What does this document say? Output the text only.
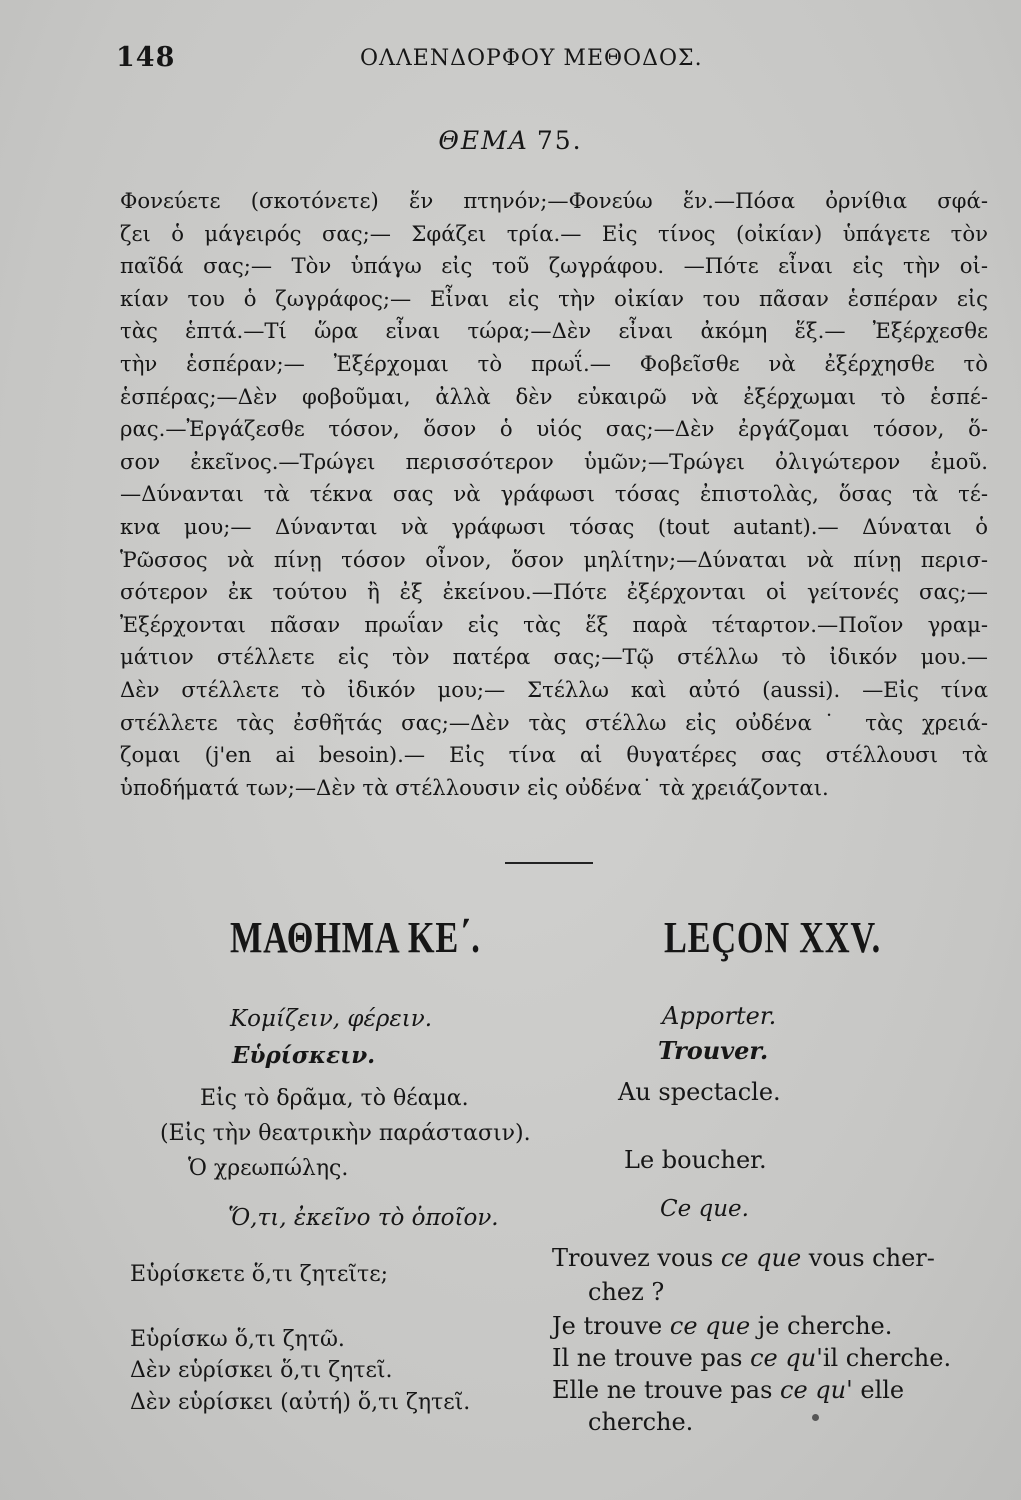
148	ΟΛΛΕΝΔΟΡΦΟΥ ΜΕΘΟΔΟΣ.
ΘΕΜΑ 75.

Φονεύετε (σκοτόνετε) ἕν πτηνόν;—Φονεύω ἕν.—Πόσα ὀρνίθια σφά-
ζει ὁ μάγειρός σας;— Σφάζει τρία.— Εἰς τίνος (οἰκίαν) ὑπάγετε τὸν
παῖδά σας;— Τὸν ὑπάγω εἰς τοῦ ζωγράφου. —Πότε εἶναι εἰς τὴν οἰ-
κίαν του ὁ ζωγράφος;— Εἶναι εἰς τὴν οἰκίαν του πᾶσαν ἑσπέραν εἰς
τὰς ἑπτά.—Τί ὥρα εἶναι τώρα;—Δὲν εἶναι ἀκόμη ἕξ.— Ἐξέρχεσθε
τὴν ἑσπέραν;— Ἐξέρχομαι τὸ πρωΐ.— Φοβεῖσθε νὰ ἐξέρχησθε τὸ
ἑσπέρας;—Δὲν φοβοῦμαι, ἀλλὰ δὲν εὐκαιρῶ νὰ ἐξέρχωμαι τὸ ἑσπέ-
ρας.—Ἐργάζεσθε τόσον, ὅσον ὁ υἱός σας;—Δὲν ἐργάζομαι τόσον, ὅ-
σον ἐκεῖνος.—Τρώγει περισσότερον ὑμῶν;—Τρώγει ὀλιγώτερον ἐμοῦ.
—Δύνανται τὰ τέκνα σας νὰ γράφωσι τόσας ἐπιστολὰς, ὅσας τὰ τέ-
κνα μου;— Δύνανται νὰ γράφωσι τόσας (tout autant).— Δύναται ὁ
Ῥῶσσος νὰ πίνῃ τόσον οἶνον, ὅσον μηλίτην;—Δύναται νὰ πίνῃ περισ-
σότερον ἐκ τούτου ἢ ἐξ ἐκείνου.—Πότε ἐξέρχονται οἱ γείτονές σας;—
Ἐξέρχονται πᾶσαν πρωΐαν εἰς τὰς ἕξ παρὰ τέταρτον.—Ποῖον γραμ-
μάτιον στέλλετε εἰς τὸν πατέρα σας;—Τῷ στέλλω τὸ ἰδικόν μου.—
Δὲν στέλλετε τὸ ἰδικόν μου;— Στέλλω καὶ αὐτό (aussi). —Εἰς τίνα
στέλλετε τὰς ἐσθῆτάς σας;—Δὲν τὰς στέλλω εἰς οὐδένα˙ τὰς χρειά-
ζομαι (j'en ai besoin).— Εἰς τίνα αἱ θυγατέρες σας στέλλουσι τὰ
ὑποδήματά των;—Δὲν τὰ στέλλουσιν εἰς οὐδένα˙ τὰ χρειάζονται.

ΜΑΘΗΜΑ ΚΕ΄.	LEÇON XXV.
Κομίζειν, φέρειν.
Εὑρίσκειν.
Εἰς τὸ δρᾶμα, τὸ θέαμα.
(Εἰς τὴν θεατρικὴν παράστασιν).
Ὁ χρεωπώλης.
Ὅ,τι, ἐκεῖνο τὸ ὁποῖον.
Εὑρίσκετε ὅ,τι ζητεῖτε;
Εὑρίσκω ὅ,τι ζητῶ.
Δὲν εὑρίσκει ὅ,τι ζητεῖ.
Δὲν εὑρίσκει (αὐτή) ὅ,τι ζητεῖ.
Apporter.
Trouver.
Au spectacle.
Le boucher.
Ce que.
Trouvez vous ce que vous cher-
chez ?
Je trouve ce que je cherche.
Il ne trouve pas ce qu'il cherche.
Elle ne trouve pas ce qu' elle
cherche.
